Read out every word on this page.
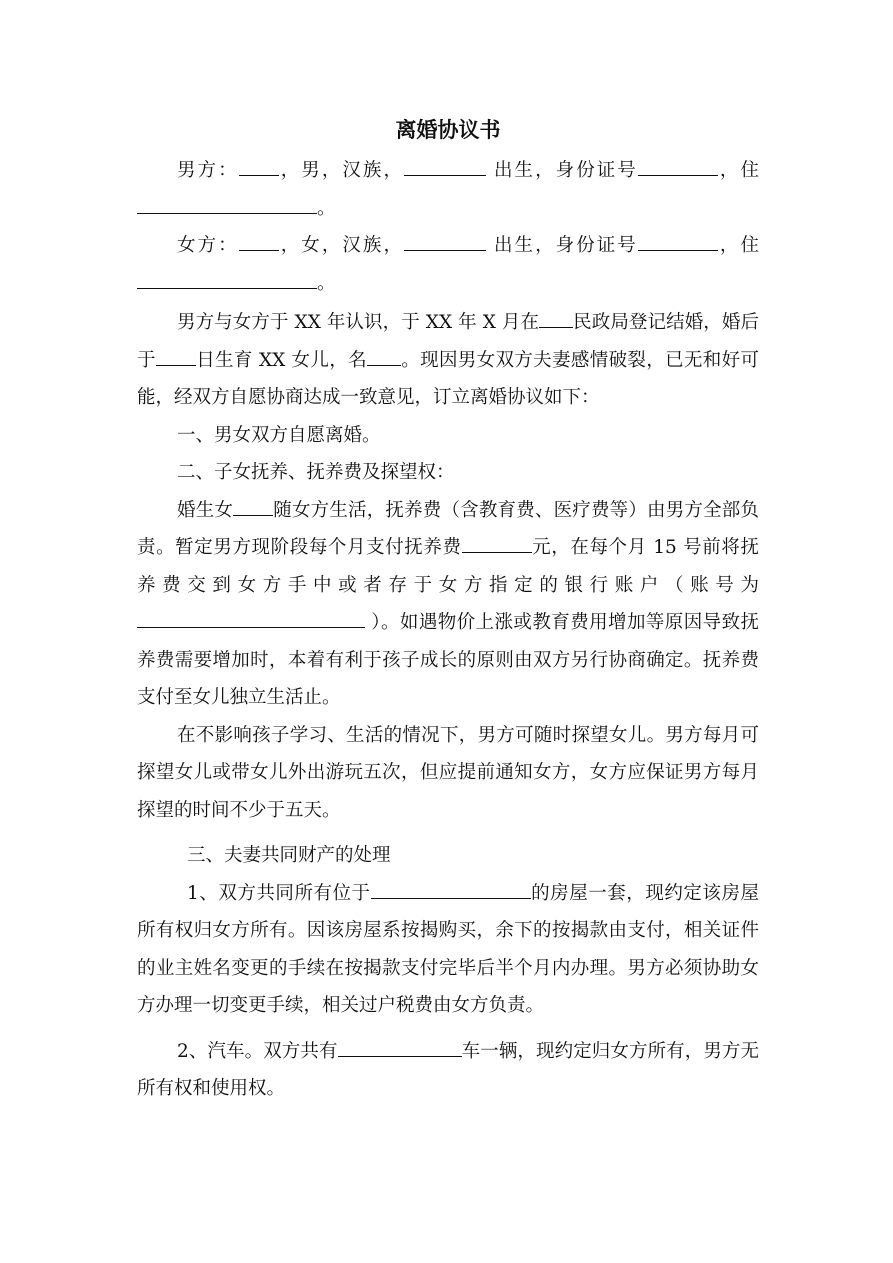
离婚协议书

男方： ，男，汉族，	出生，身份证号	，住 。

女方： ，女，汉族，	出生，身份证号	，住 。

男方与女方于 XX 年认识，于 XX 年 X 月在 民政局登记结婚，婚后于 日生育 XX 女儿，名 。现因男女双方夫妻感情破裂，已无和好可能，经双方自愿协商达成一致意见，订立离婚协议如下：

一、男女双方自愿离婚。

二、子女抚养、抚养费及探望权：

婚生女 随女方生活，抚养费（含教育费、医疗费等）由男方全部负责。暂定男方现阶段每个月支付抚养费	元，在每个月 15 号前将抚养费交到女方手中或者存于女方指定的银行账户（账号为 ）。如遇物价上涨或教育费用增加等原因导致抚养费需要增加时，本着有利于孩子成长的原则由双方另行协商确定。抚养费支付至女儿独立生活止。

在不影响孩子学习、生活的情况下，男方可随时探望女儿。男方每月可探望女儿或带女儿外出游玩五次，但应提前通知女方，女方应保证男方每月探望的时间不少于五天。

三、夫妻共同财产的处理

1、双方共同所有位于	的房屋一套，现约定该房屋所有权归女方所有。因该房屋系按揭购买，余下的按揭款由支付，相关证件的业主姓名变更的手续在按揭款支付完毕后半个月内办理。男方必须协助女方办理一切变更手续，相关过户税费由女方负责。

2、汽车。双方共有	车一辆，现约定归女方所有，男方无所有权和使用权。
